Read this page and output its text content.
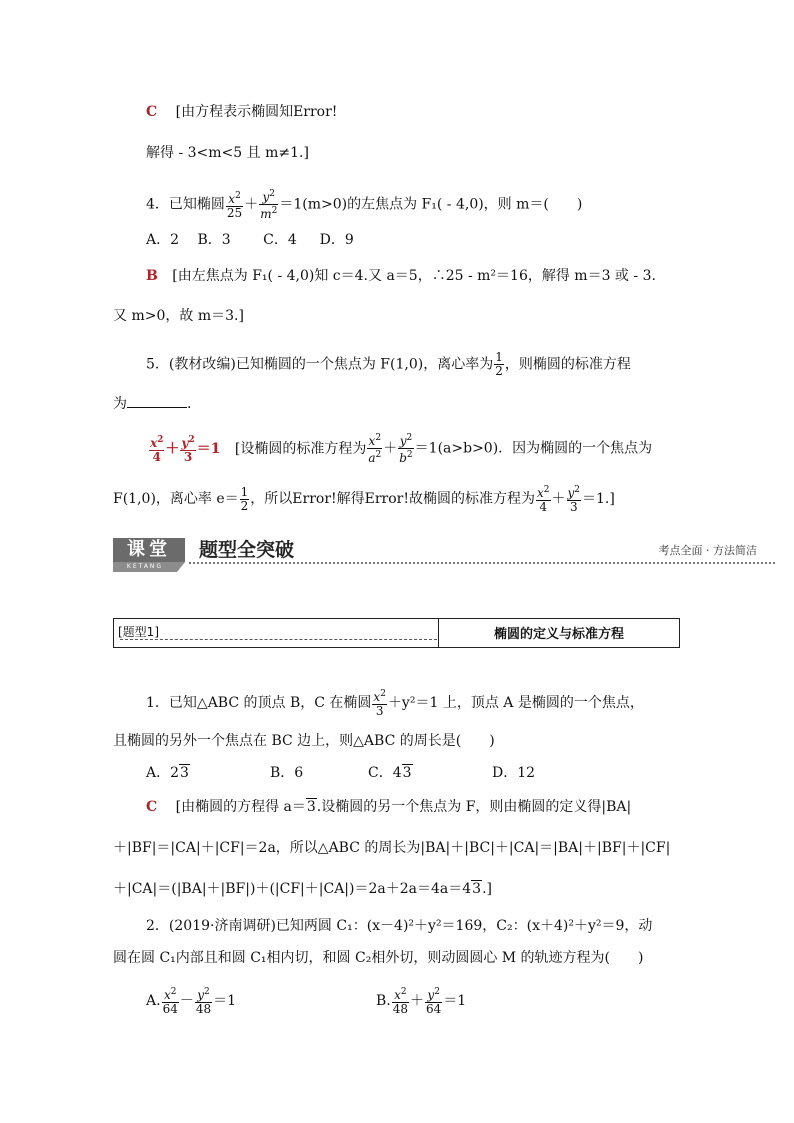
C [由方程表示椭圆知Error!
解得 - 3<m<5 且 m≠1.]
4．已知椭圆 $\frac{x^2}{25} + \frac{y^2}{m^2} =1(m>0)$的左焦点为 F₁( - 4,0)，则 m＝(　　)
A．2　 B．3 　　C．4 　 D．9
B [由左焦点为 F₁( - 4,0)知 c＝4.又 a＝5，∴25 - m²＝16，解得 m＝3 或 - 3.
又 m>0，故 m＝3.]
5．(教材改编)已知椭圆的一个焦点为 F(1,0)，离心率为 $\frac{1}{2}$ ，则椭圆的标准方程
为	.
$\frac{x^2}{4} + \frac{y^2}{3} =1$ [设椭圆的标准方程为 $\frac{x^2}{a^2} + \frac{y^2}{b^2} =1(a>b>0)$．因为椭圆的一个焦点为
F(1,0)，离心率 $e= \frac{1}{2}$ ，所以Error!解得Error!故椭圆的标准方程为 $\frac{x^2}{4} + \frac{y^2}{3} =1$.]
课堂
KETANG
题型全突破	考点全面 · 方法简洁
[题型1]	椭圆的定义与标准方程
1．已知△ABC 的顶点 B，C 在椭圆 $\frac{x^2}{3} +y^2=1$ 上，顶点 A 是椭圆的一个焦点，
且椭圆的另外一个焦点在 BC 边上，则△ABC 的周长是(　　)
A．23	B．6	C．43	D．12
C [由椭圆的方程得 a＝3.设椭圆的另一个焦点为 F，则由椭圆的定义得|BA|
＋|BF|＝|CA|＋|CF|＝2a，所以△ABC 的周长为|BA|＋|BC|＋|CA|＝|BA|＋|BF|＋|CF|
＋|CA|＝(|BA|＋|BF|)＋(|CF|＋|CA|)＝2a＋2a＝4a＝43.]
2．(2019·济南调研)已知两圆 C₁：(x－4)²＋y²＝169，C₂：(x＋4)²＋y²＝9，动
圆在圆 C₁内部且和圆 C₁相内切，和圆 C₂相外切，则动圆圆心 M 的轨迹方程为(　　)
A. $\frac{x^2}{64} - \frac{y^2}{48} =1$	B. $\frac{x^2}{48} + \frac{y^2}{64} =1$
